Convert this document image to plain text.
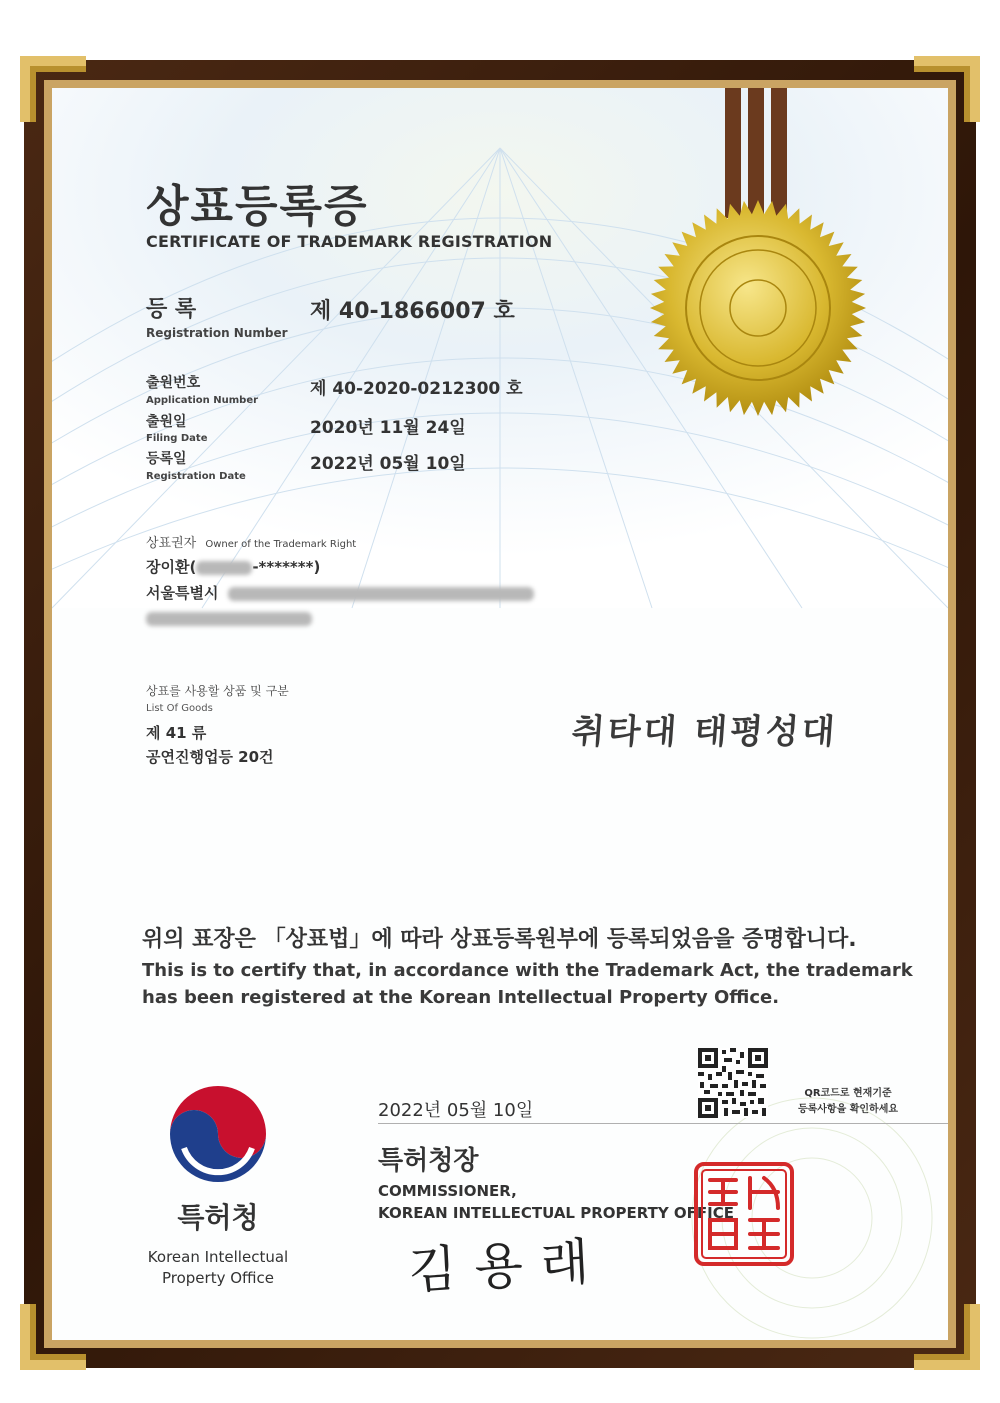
상표등록증
CERTIFICATE OF TRADEMARK REGISTRATION
등 록
Registration Number
제 40-1866007 호
출원번호
Application Number
제 40-2020-0212300 호
출원일
Filing Date
2020년 11월 24일
등록일
Registration Date
2022년 05월 10일
상표권자 Owner of the Trademark Right
장이환(	-*******)
서울특별시
상표를 사용할 상품 및 구분
List Of Goods
제 41 류
공연진행업등 20건
취타대 태평성대
위의 표장은 「상표법」에 따라 상표등록원부에 등록되었음을 증명합니다.
This is to certify that, in accordance with the Trademark Act, the trademark
has been registered at the Korean Intellectual Property Office.
특허청
Korean Intellectual
Property Office
2022년 05월 10일
QR코드로 현재기준
등록사항을 확인하세요
특허청장
COMMISSIONER,
KOREAN INTELLECTUAL PROPERTY OFFICE
김용래
